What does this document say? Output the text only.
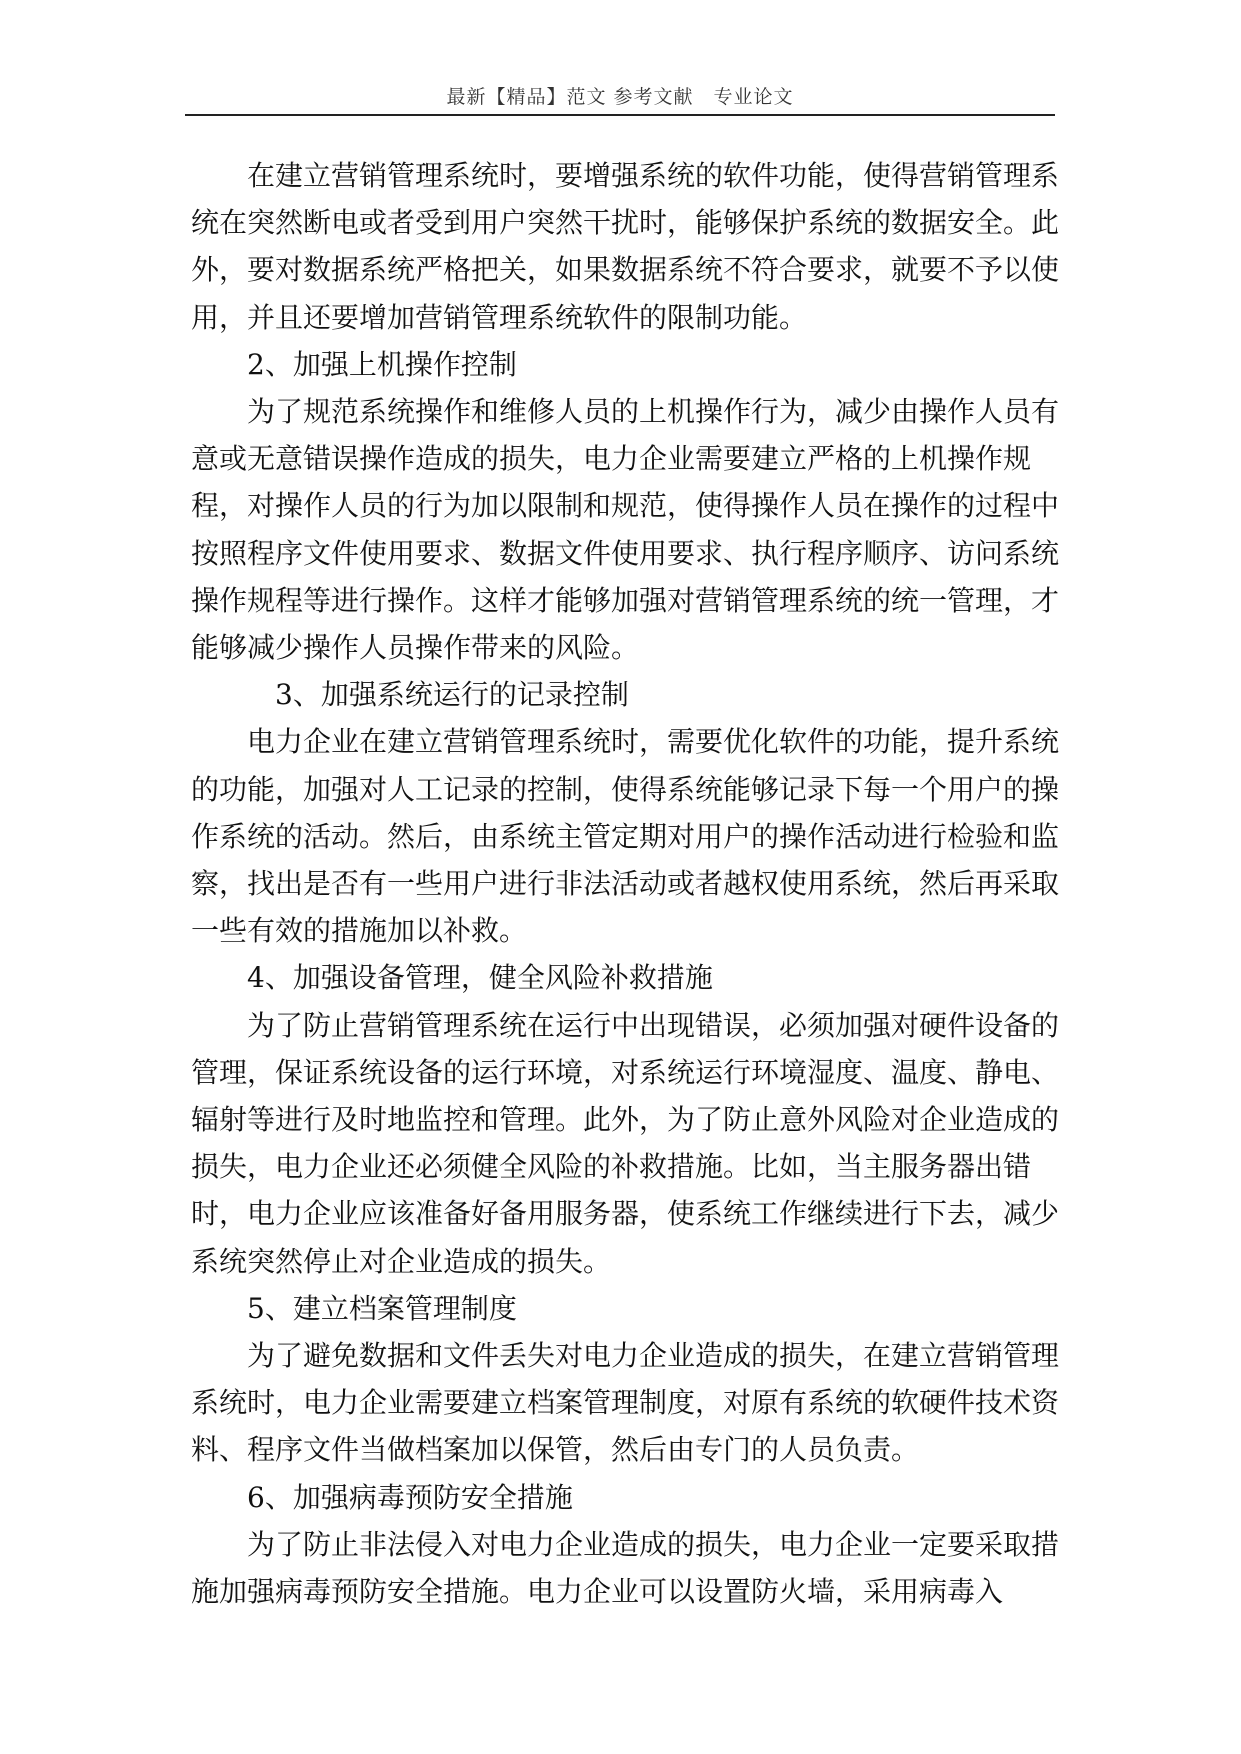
最新【精品】范文 参考文献　专业论文

在建立营销管理系统时，要增强系统的软件功能，使得营销管理系统在突然断电或者受到用户突然干扰时，能够保护系统的数据安全。此外，要对数据系统严格把关，如果数据系统不符合要求，就要不予以使用，并且还要增加营销管理系统软件的限制功能。

2、加强上机操作控制

为了规范系统操作和维修人员的上机操作行为，减少由操作人员有意或无意错误操作造成的损失，电力企业需要建立严格的上机操作规程，对操作人员的行为加以限制和规范，使得操作人员在操作的过程中按照程序文件使用要求、数据文件使用要求、执行程序顺序、访问系统操作规程等进行操作。这样才能够加强对营销管理系统的统一管理，才能够减少操作人员操作带来的风险。

3、加强系统运行的记录控制

电力企业在建立营销管理系统时，需要优化软件的功能，提升系统的功能，加强对人工记录的控制，使得系统能够记录下每一个用户的操作系统的活动。然后，由系统主管定期对用户的操作活动进行检验和监察，找出是否有一些用户进行非法活动或者越权使用系统，然后再采取一些有效的措施加以补救。

4、加强设备管理，健全风险补救措施

为了防止营销管理系统在运行中出现错误，必须加强对硬件设备的管理，保证系统设备的运行环境，对系统运行环境湿度、温度、静电、辐射等进行及时地监控和管理。此外，为了防止意外风险对企业造成的损失，电力企业还必须健全风险的补救措施。比如，当主服务器出错时，电力企业应该准备好备用服务器，使系统工作继续进行下去，减少系统突然停止对企业造成的损失。

5、建立档案管理制度

为了避免数据和文件丢失对电力企业造成的损失，在建立营销管理系统时，电力企业需要建立档案管理制度，对原有系统的软硬件技术资料、程序文件当做档案加以保管，然后由专门的人员负责。

6、加强病毒预防安全措施

为了防止非法侵入对电力企业造成的损失，电力企业一定要采取措施加强病毒预防安全措施。电力企业可以设置防火墙，采用病毒入
